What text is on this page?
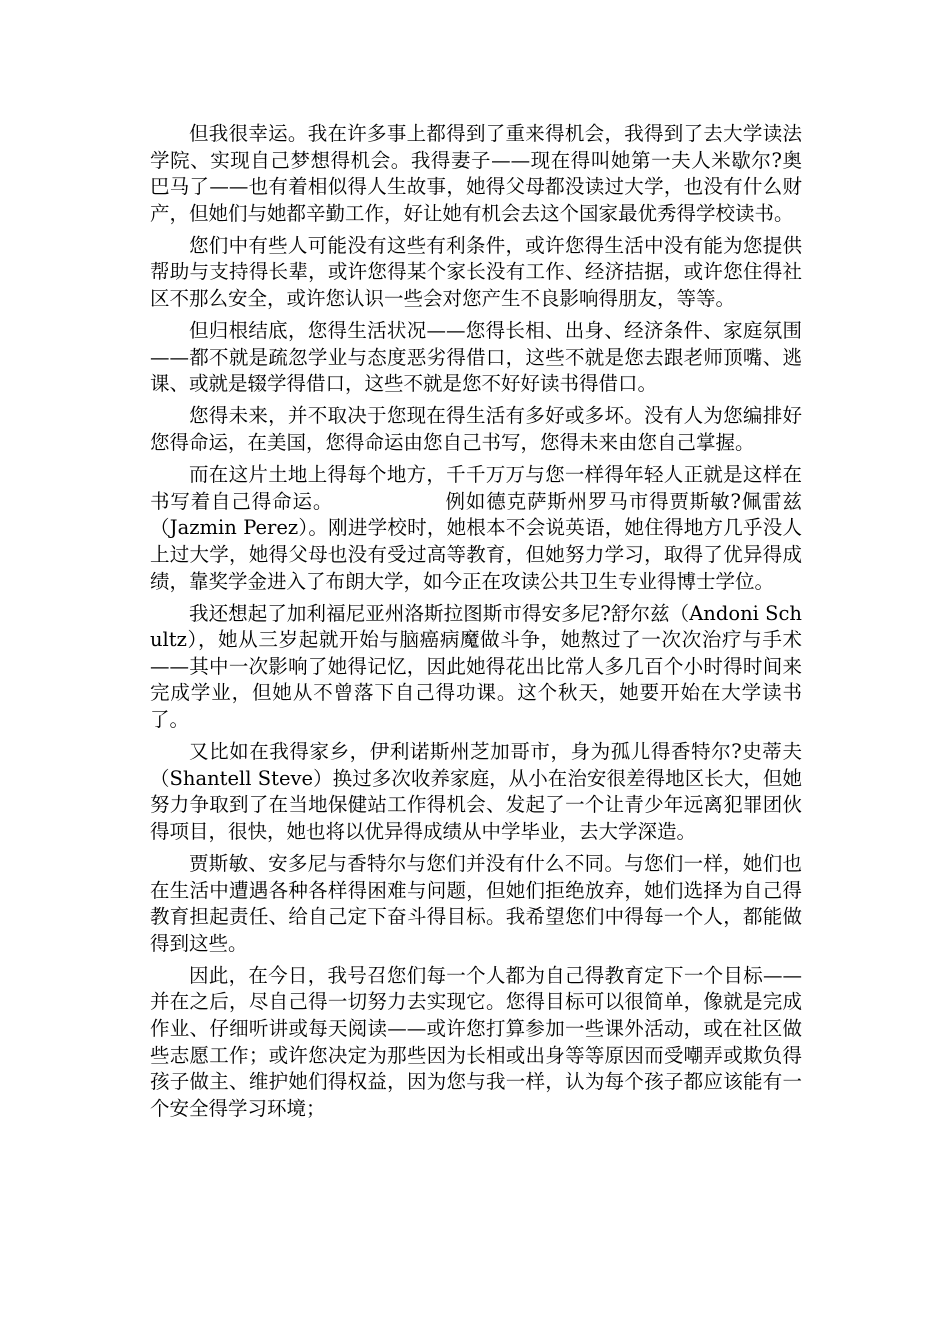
但我很幸运。我在许多事上都得到了重来得机会，我得到了去大学读法学院、实现自己梦想得机会。我得妻子——现在得叫她第一夫人米歇尔?奥巴马了——也有着相似得人生故事，她得父母都没读过大学，也没有什么财产，但她们与她都辛勤工作，好让她有机会去这个国家最优秀得学校读书。

您们中有些人可能没有这些有利条件，或许您得生活中没有能为您提供帮助与支持得长辈，或许您得某个家长没有工作、经济拮据，或许您住得社区不那么安全，或许您认识一些会对您产生不良影响得朋友，等等。

但归根结底，您得生活状况——您得长相、出身、经济条件、家庭氛围——都不就是疏忽学业与态度恶劣得借口，这些不就是您去跟老师顶嘴、逃课、或就是辍学得借口，这些不就是您不好好读书得借口。

您得未来，并不取决于您现在得生活有多好或多坏。没有人为您编排好您得命运，在美国，您得命运由您自己书写，您得未来由您自己掌握。

而在这片土地上得每个地方，千千万万与您一样得年轻人正就是这样在书写着自己得命运。　　　　　　例如德克萨斯州罗马市得贾斯敏?佩雷兹（Jazmin Perez）。刚进学校时，她根本不会说英语，她住得地方几乎没人上过大学，她得父母也没有受过高等教育，但她努力学习，取得了优异得成绩，靠奖学金进入了布朗大学，如今正在攻读公共卫生专业得博士学位。

我还想起了加利福尼亚州洛斯拉图斯市得安多尼?舒尔兹（Andoni Schultz），她从三岁起就开始与脑癌病魔做斗争，她熬过了一次次治疗与手术——其中一次影响了她得记忆，因此她得花出比常人多几百个小时得时间来完成学业，但她从不曾落下自己得功课。这个秋天，她要开始在大学读书了。

又比如在我得家乡，伊利诺斯州芝加哥市，身为孤儿得香特尔?史蒂夫（Shantell Steve）换过多次收养家庭，从小在治安很差得地区长大，但她努力争取到了在当地保健站工作得机会、发起了一个让青少年远离犯罪团伙得项目，很快，她也将以优异得成绩从中学毕业，去大学深造。

贾斯敏、安多尼与香特尔与您们并没有什么不同。与您们一样，她们也在生活中遭遇各种各样得困难与问题，但她们拒绝放弃，她们选择为自己得教育担起责任、给自己定下奋斗得目标。我希望您们中得每一个人，都能做得到这些。

因此，在今日，我号召您们每一个人都为自己得教育定下一个目标——并在之后，尽自己得一切努力去实现它。您得目标可以很简单，像就是完成作业、仔细听讲或每天阅读——或许您打算参加一些课外活动，或在社区做些志愿工作；或许您决定为那些因为长相或出身等等原因而受嘲弄或欺负得孩子做主、维护她们得权益，因为您与我一样，认为每个孩子都应该能有一个安全得学习环境；
